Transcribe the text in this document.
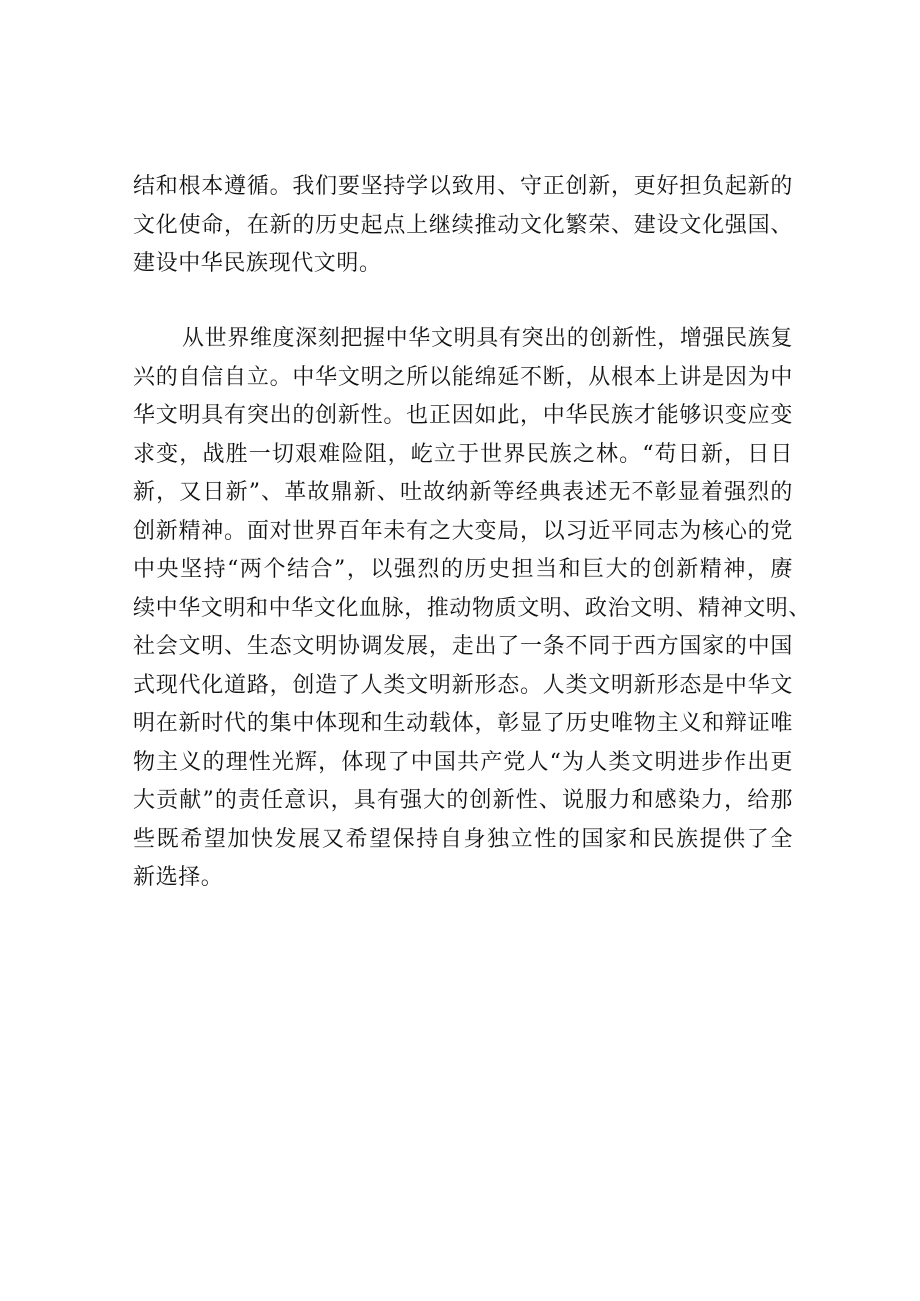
结和根本遵循。我们要坚持学以致用、守正创新，更好担负起新的
文化使命，在新的历史起点上继续推动文化繁荣、建设文化强国、
建设中华民族现代文明。
从世界维度深刻把握中华文明具有突出的创新性，增强民族复
兴的自信自立。中华文明之所以能绵延不断，从根本上讲是因为中
华文明具有突出的创新性。也正因如此，中华民族才能够识变应变
求变，战胜一切艰难险阻，屹立于世界民族之林。“苟日新，日日
新，又日新”、革故鼎新、吐故纳新等经典表述无不彰显着强烈的
创新精神。面对世界百年未有之大变局，以习近平同志为核心的党
中央坚持“两个结合”，以强烈的历史担当和巨大的创新精神，赓
续中华文明和中华文化血脉，推动物质文明、政治文明、精神文明、
社会文明、生态文明协调发展，走出了一条不同于西方国家的中国
式现代化道路，创造了人类文明新形态。人类文明新形态是中华文
明在新时代的集中体现和生动载体，彰显了历史唯物主义和辩证唯
物主义的理性光辉，体现了中国共产党人“为人类文明进步作出更
大贡献”的责任意识，具有强大的创新性、说服力和感染力，给那
些既希望加快发展又希望保持自身独立性的国家和民族提供了全
新选择。
